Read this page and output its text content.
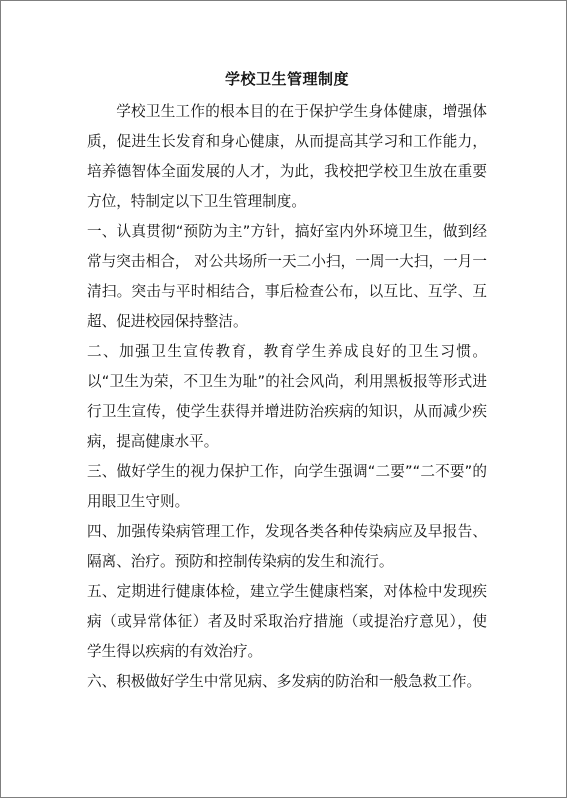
学校卫生管理制度

学校卫生工作的根本目的在于保护学生身体健康，增强体质，促进生长发育和身心健康，从而提高其学习和工作能力，培养德智体全面发展的人才，为此，我校把学校卫生放在重要方位，特制定以下卫生管理制度。

一、认真贯彻“预防为主”方针，搞好室内外环境卫生，做到经常与突击相合， 对公共场所一天二小扫，一周一大扫，一月一清扫。突击与平时相结合，事后检查公布，以互比、互学、互超、促进校园保持整洁。

二、加强卫生宣传教育，教育学生养成良好的卫生习惯。以“卫生为荣，不卫生为耻”的社会风尚，利用黑板报等形式进行卫生宣传，使学生获得并增进防治疾病的知识，从而减少疾病，提高健康水平。

三、做好学生的视力保护工作，向学生强调“二要”“二不要”的用眼卫生守则。

四、加强传染病管理工作，发现各类各种传染病应及早报告、隔离、治疗。预防和控制传染病的发生和流行。

五、定期进行健康体检，建立学生健康档案，对体检中发现疾病（或异常体征）者及时采取治疗措施（或提治疗意见），使学生得以疾病的有效治疗。

六、积极做好学生中常见病、多发病的防治和一般急救工作。
